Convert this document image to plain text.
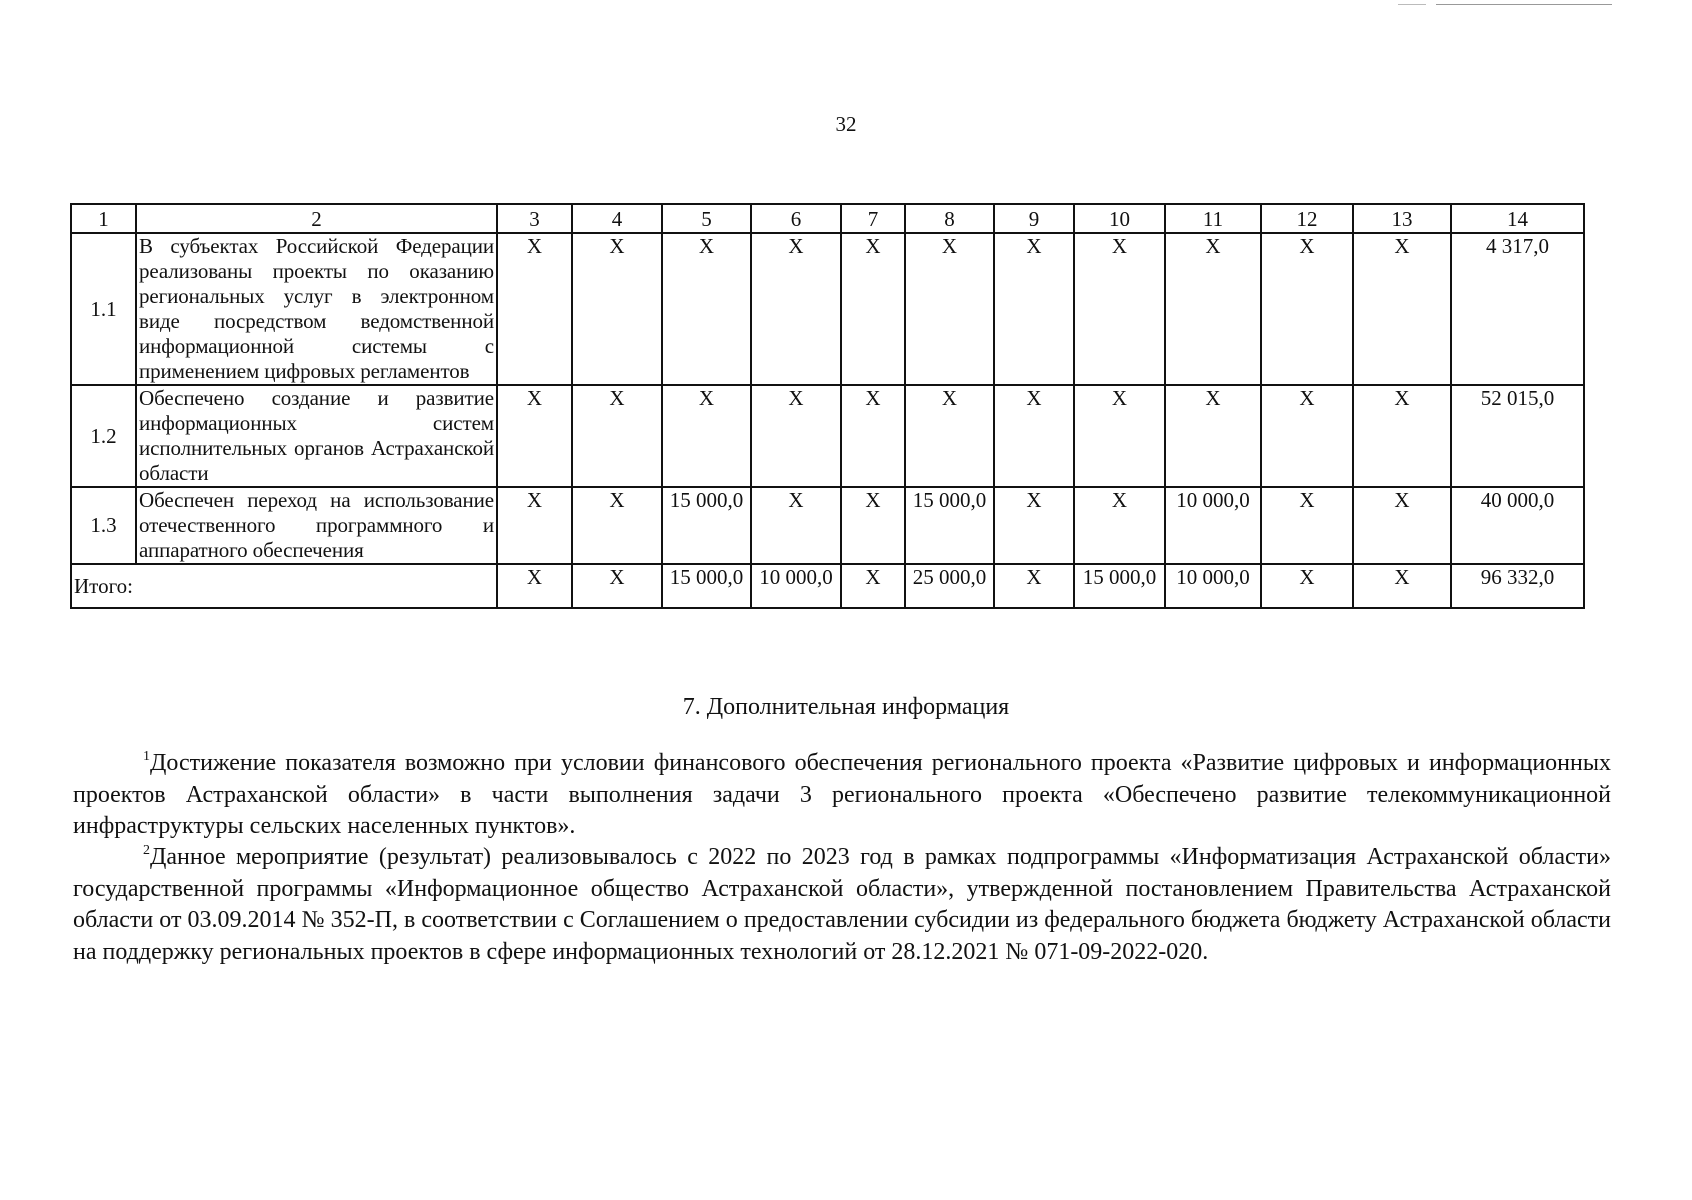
32
1	2	3	4	5	6	7	8	9	10	11	12	13	14
1.1	В субъектах Российской Федерации реализованы проекты по оказанию региональных услуг в электронном виде посредством ведомственной информационной системы с применением цифровых регламентов	Х	Х	Х	Х	Х	Х	Х	Х	Х	Х	Х	4 317,0
1.2	Обеспечено создание и развитие информационных систем исполнительных органов Астраханской области	Х	Х	Х	Х	Х	Х	Х	Х	Х	Х	Х	52 015,0
1.3	Обеспечен переход на использование отечественного программного и аппаратного обеспечения	Х	Х	15 000,0	Х	Х	15 000,0	Х	Х	10 000,0	Х	Х	40 000,0
Итого:		Х	Х	15 000,0	10 000,0	Х	25 000,0	Х	15 000,0	10 000,0	Х	Х	96 332,0
7. Дополнительная информация

$^1$Достижение показателя возможно при условии финансового обеспечения регионального проекта «Развитие цифровых и информационных проектов Астраханской области» в части выполнения задачи 3 регионального проекта «Обеспечено развитие телекоммуникационной инфраструктуры сельских населенных пунктов».

$^2$Данное мероприятие (результат) реализовывалось с 2022 по 2023 год в рамках подпрограммы «Информатизация Астраханской области» государственной программы «Информационное общество Астраханской области», утвержденной постановлением Правительства Астраханской области от 03.09.2014 № 352-П, в соответствии с Соглашением о предоставлении субсидии из федерального бюджета бюджету Астраханской области на поддержку региональных проектов в сфере информационных технологий от 28.12.2021 № 071-09-2022-020.
